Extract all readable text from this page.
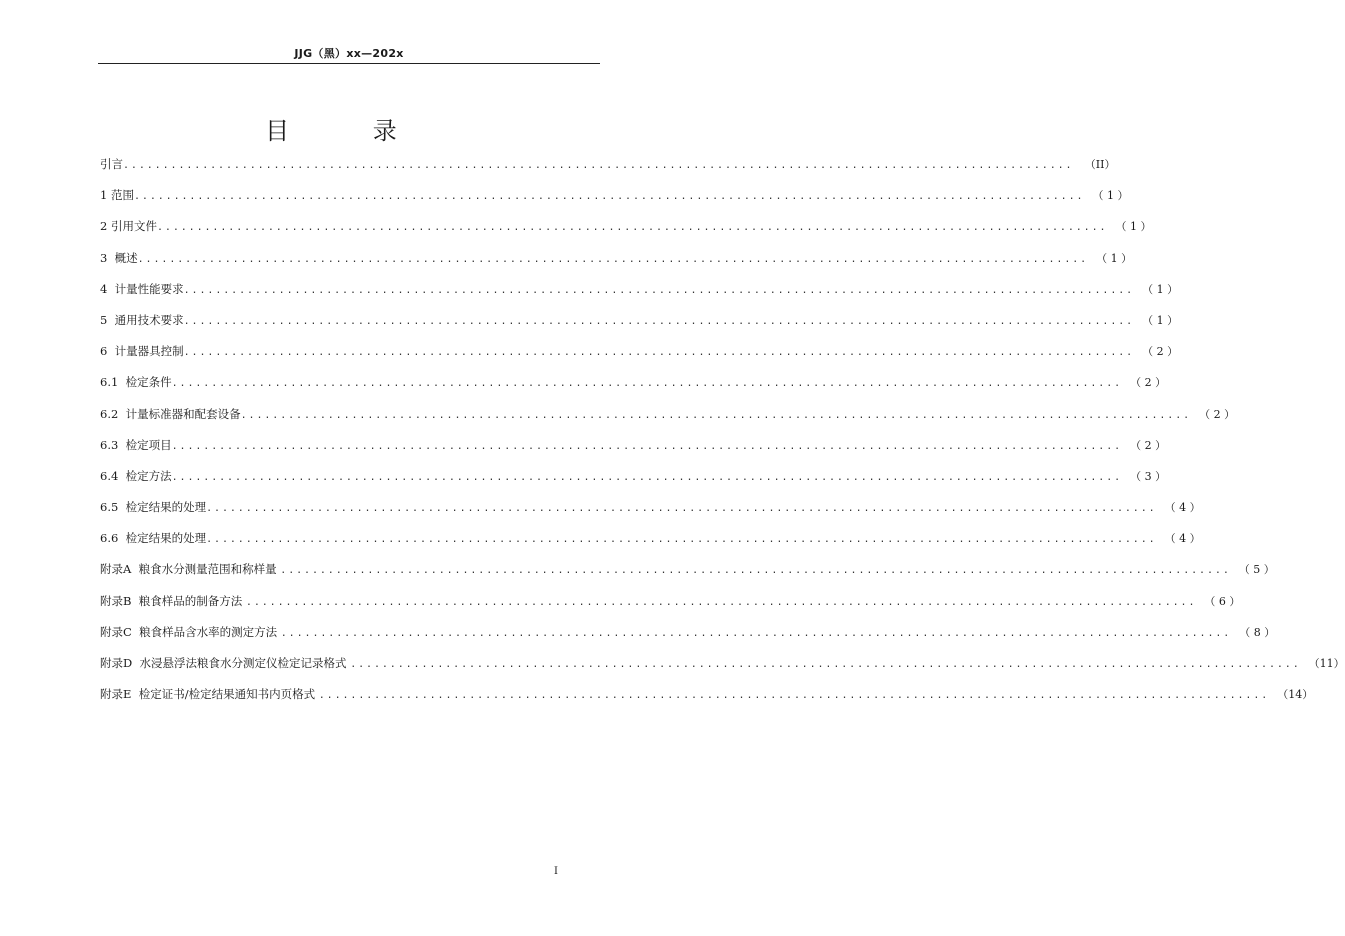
JJG（黑）xx—202x
目 录
引言 ........................................................................................................................ （II）
1 范围 ........................................................................................................................ （ 1 ）
2 引用文件 ........................................................................................................................ （ 1 ）
3  概述 ........................................................................................................................ （ 1 ）
4  计量性能要求 ........................................................................................................................ （ 1 ）
5  通用技术要求 ........................................................................................................................ （ 1 ）
6  计量器具控制 ........................................................................................................................ （ 2 ）
6.1  检定条件 ........................................................................................................................ （ 2 ）
6.2  计量标准器和配套设备 ........................................................................................................................ （ 2 ）
6.3  检定项目 ........................................................................................................................ （ 2 ）
6.4  检定方法 ........................................................................................................................ （ 3 ）
6.5  检定结果的处理 ........................................................................................................................ （ 4 ）
6.6  检定结果的处理 ........................................................................................................................ （ 4 ）
附录A  粮食水分测量范围和称样量 ........................................................................................................................ （ 5 ）
附录B  粮食样品的制备方法 ........................................................................................................................ （ 6 ）
附录C  粮食样品含水率的测定方法 ........................................................................................................................ （ 8 ）
附录D  水浸悬浮法粮食水分测定仪检定记录格式 ........................................................................................................................ （11）
附录E  检定证书/检定结果通知书内页格式 ........................................................................................................................ （14）
I
